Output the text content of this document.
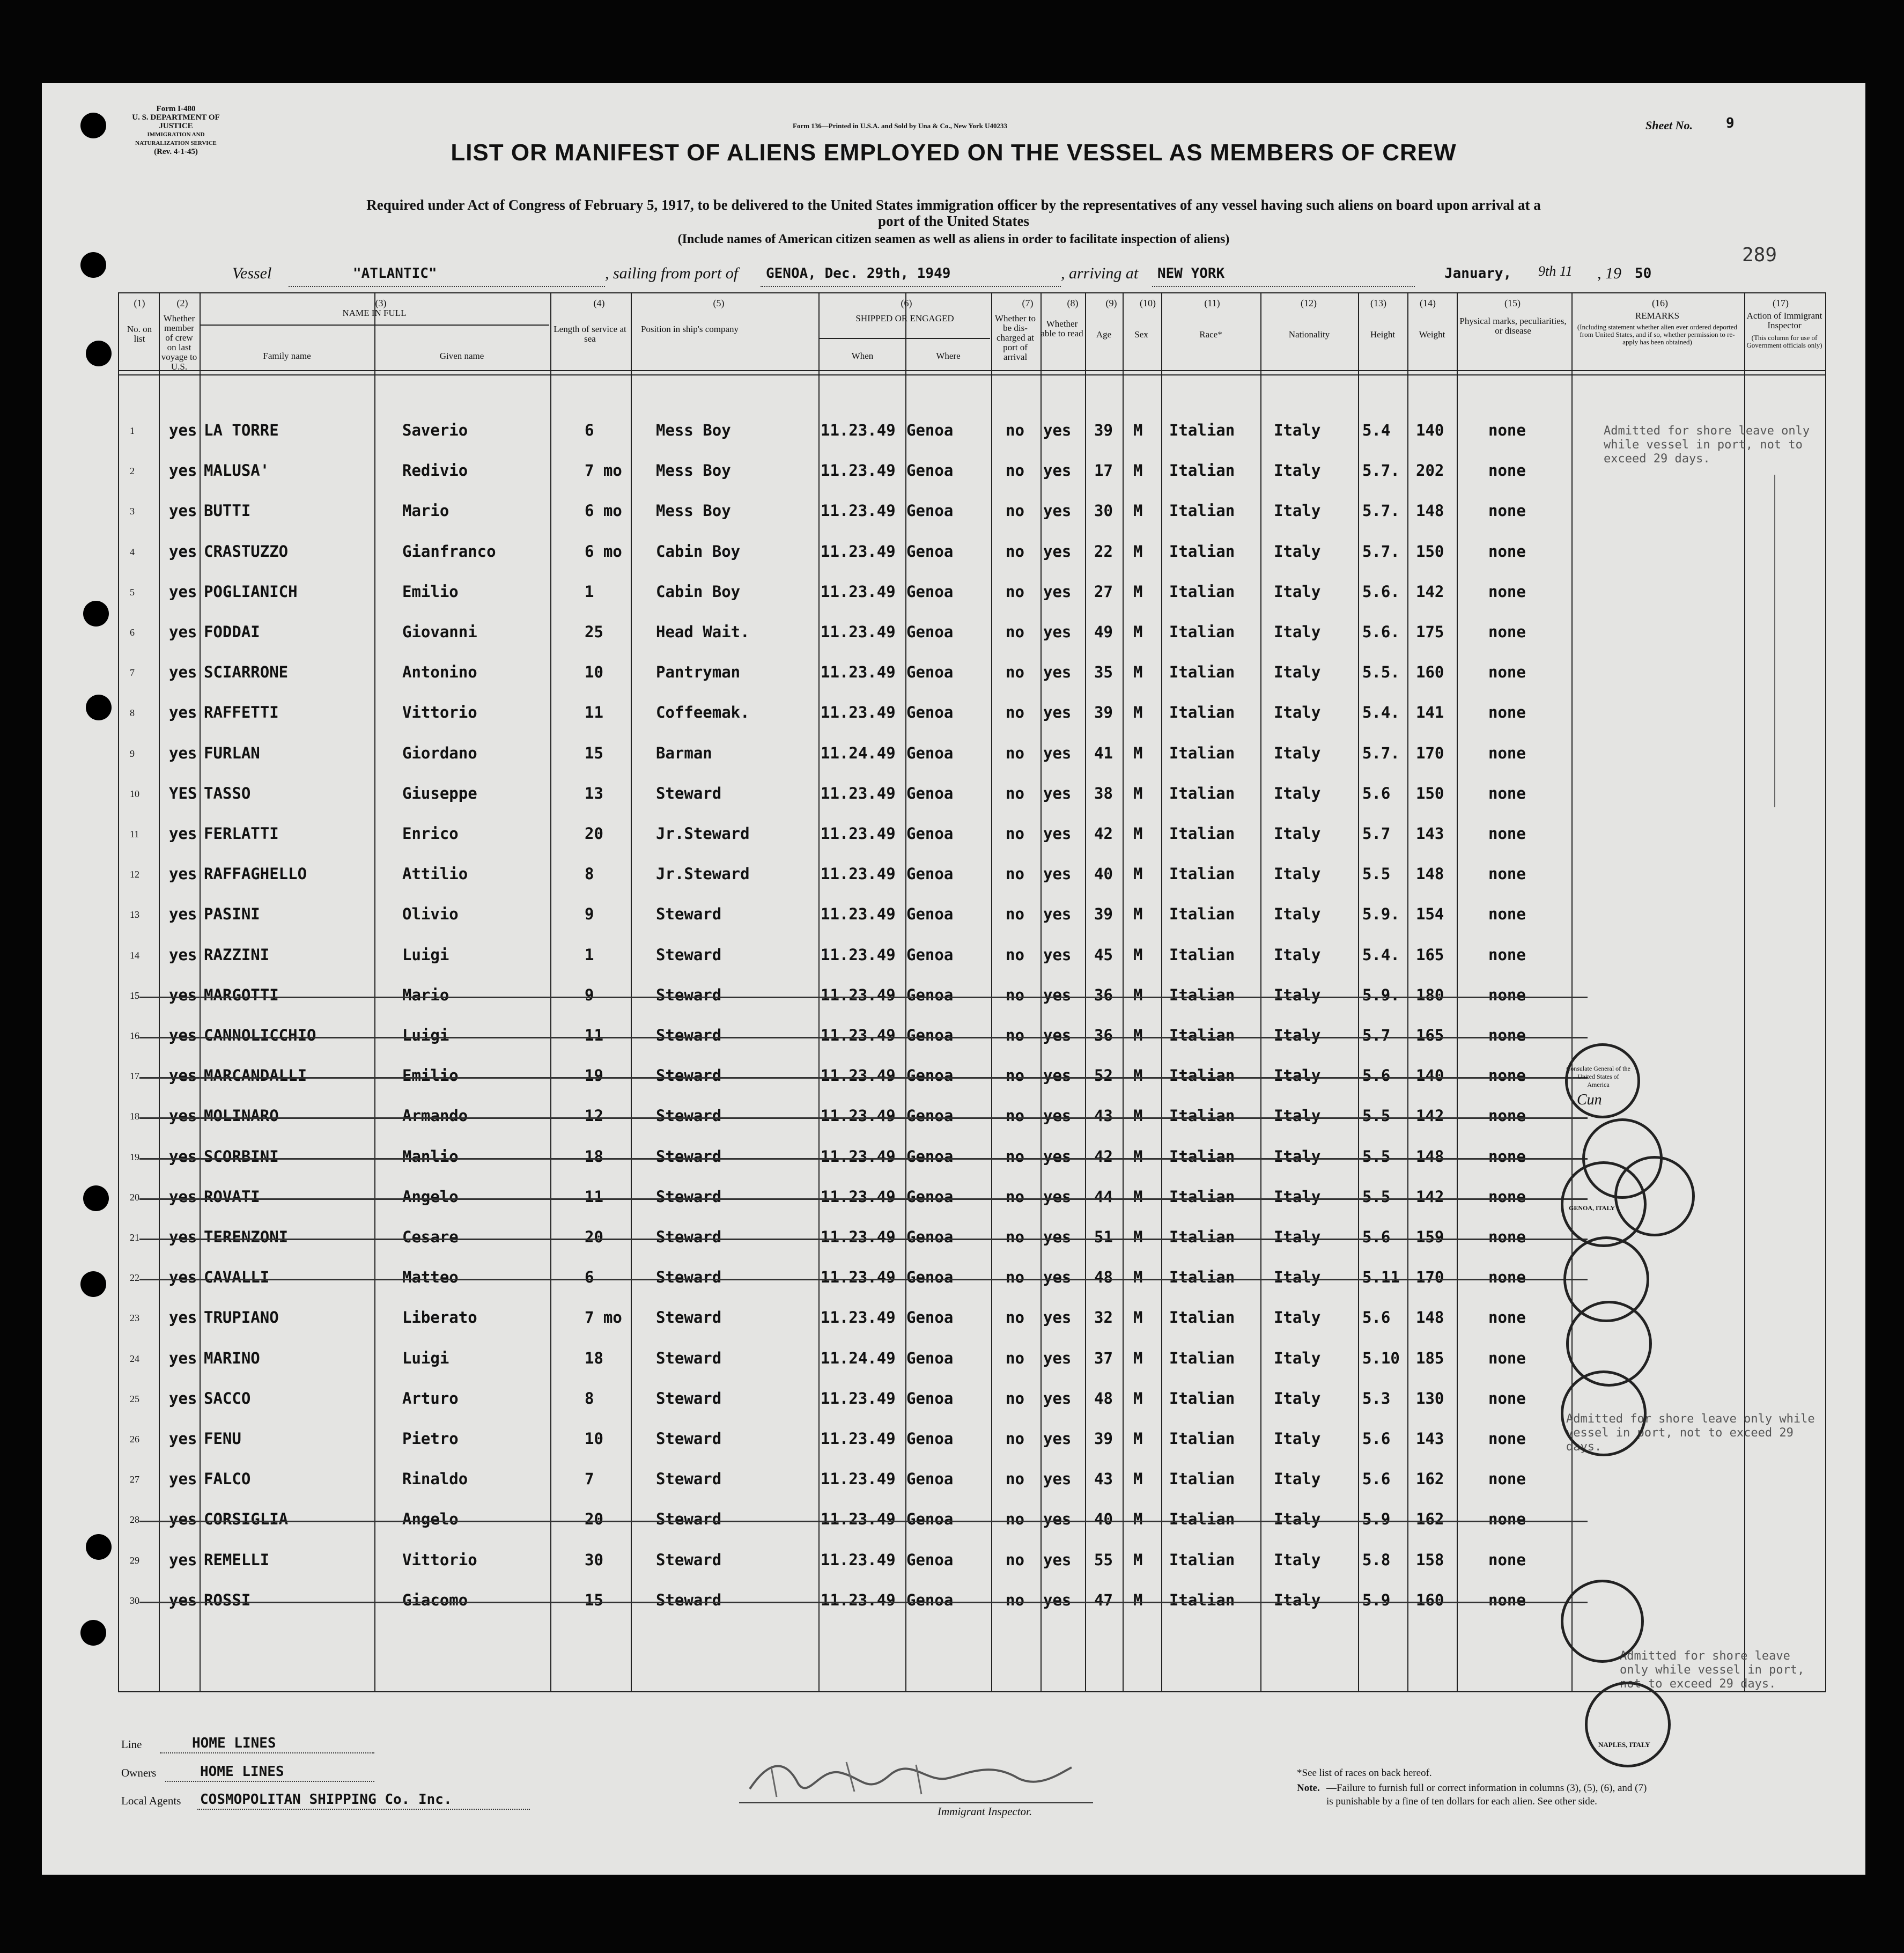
Form I-480
U. S. DEPARTMENT OF JUSTICE
IMMIGRATION AND NATURALIZATION SERVICE
(Rev. 4-1-45)
Form 136—Printed in U.S.A. and Sold by Una & Co., New York U40233	Sheet No. 9
LIST OR MANIFEST OF ALIENS EMPLOYED ON THE VESSEL AS MEMBERS OF CREW
Required under Act of Congress of February 5, 1917, to be delivered to the United States immigration officer by the representatives of any vessel having such aliens on board upon arrival at a
port of the United States
(Include names of American citizen seamen as well as aliens in order to facilitate inspection of aliens)
289
Vessel	"ATLANTIC"	, sailing from port of GENOA, Dec. 29th, 1949	, arriving at NEW YORK	January, 9th 11 , 19 50
(1)	(2)	(3)	(4)	(5)	(6)	(7)	(8)	(9)	(10)	(11)	(12)	(13)	(14)	(15)	(16)	(17)
No. on list
Whether member of crew on last voyage to U.S.
NAME IN FULL
Family name	Given name
Length of service at sea
Position in ship's company
SHIPPED OR ENGAGED
When	Where
Whether to be dis-charged at port of arrival
Whether able to read	Age	Sex	Race*	Nationality	Height	Weight
Physical marks, peculiarities, or disease
REMARKS
(Including statement whether alien ever ordered deported from United States, and if so, whether permission to re-apply has been obtained)
Action of Immigrant Inspector
(This column for use of Government officials only)
1 yes LA TORRE	Saverio	6	Mess Boy	11.23.49 Genoa	no yes 39 M Italian	Italy	5.4 140	none
2 yes MALUSA'	Redivio	7 mo Mess Boy	11.23.49 Genoa	no yes 17 M Italian	Italy	5.7. 202	none
3 yes BUTTI	Mario	6 mo Mess Boy	11.23.49 Genoa	no yes 30 M Italian	Italy	5.7. 148	none
4 yes CRASTUZZO	Gianfranco	6 mo Cabin Boy	11.23.49 Genoa	no yes 22 M Italian	Italy	5.7. 150	none
5 yes POGLIANICH	Emilio	1	Cabin Boy	11.23.49 Genoa	no yes 27 M Italian	Italy	5.6. 142	none
6 yes FODDAI	Giovanni	25	Head Wait.	11.23.49 Genoa	no yes 49 M Italian	Italy	5.6. 175	none
7 yes SCIARRONE	Antonino	10	Pantryman	11.23.49 Genoa	no yes 35 M Italian	Italy	5.5. 160	none
8 yes RAFFETTI	Vittorio	11	Coffeemak.	11.23.49 Genoa	no yes 39 M Italian	Italy	5.4. 141	none
9 yes FURLAN	Giordano	15	Barman	11.24.49 Genoa	no yes 41 M Italian	Italy	5.7. 170	none
10 YES TASSO	Giuseppe	13	Steward	11.23.49 Genoa	no yes 38 M Italian	Italy	5.6 150	none
11 yes FERLATTI	Enrico	20	Jr.Steward	11.23.49 Genoa	no yes 42 M Italian	Italy	5.7 143	none
12 yes RAFFAGHELLO	Attilio	8	Jr.Steward	11.23.49 Genoa	no yes 40 M Italian	Italy	5.5 148	none
13 yes PASINI	Olivio	9	Steward	11.23.49 Genoa	no yes 39 M Italian	Italy	5.9. 154	none
14 yes RAZZINI	Luigi	1	Steward	11.23.49 Genoa	no yes 45 M Italian	Italy	5.4. 165	none
15 yes MARGOTTI	Mario	9	Steward	11.23.49 Genoa	no yes 36 M Italian	Italy	5.9. 180	none
16 yes CANNOLICCHIO	Luigi	11	Steward	11.23.49 Genoa	no yes 36 M Italian	Italy	5.7 165	none
17 yes MARCANDALLI	Emilio	19	Steward	11.23.49 Genoa	no yes 52 M Italian	Italy	5.6 140	none
18 yes MOLINARO	Armando	12	Steward	11.23.49 Genoa	no yes 43 M Italian	Italy	5.5 142	none
19 yes SCORBINI	Manlio	18	Steward	11.23.49 Genoa	no yes 42 M Italian	Italy	5.5 148	none
20 yes ROVATI	Angelo	11	Steward	11.23.49 Genoa	no yes 44 M Italian	Italy	5.5 142	none
21 yes TERENZONI	Cesare	20	Steward	11.23.49 Genoa	no yes 51 M Italian	Italy	5.6 159	none
22 yes CAVALLI	Matteo	6	Steward	11.23.49 Genoa	no yes 48 M Italian	Italy	5.11 170	none
23 yes TRUPIANO	Liberato	7 mo Steward	11.23.49 Genoa	no yes 32 M Italian	Italy	5.6 148	none
24 yes MARINO	Luigi	18	Steward	11.24.49 Genoa	no yes 37 M Italian	Italy	5.10 185	none
25 yes SACCO	Arturo	8	Steward	11.23.49 Genoa	no yes 48 M Italian	Italy	5.3 130	none
26 yes FENU	Pietro	10	Steward	11.23.49 Genoa	no yes 39 M Italian	Italy	5.6 143	none
27 yes FALCO	Rinaldo	7	Steward	11.23.49 Genoa	no yes 43 M Italian	Italy	5.6 162	none
28 yes CORSIGLIA	Angelo	20	Steward	11.23.49 Genoa	no yes 40 M Italian	Italy	5.9 162	none
29 yes REMELLI	Vittorio	30	Steward	11.23.49 Genoa	no yes 55 M Italian	Italy	5.8 158	none
30 yes ROSSI	Giacomo	15	Steward	11.23.49 Genoa	no yes 47 M Italian	Italy	5.9 160	none
Admitted for shore leave only while vessel in port, not to exceed 29 days.
Admitted for shore leave only while vessel in port, not to exceed 29 days.
Admitted for shore leave only while vessel in port, not to exceed 29 days.
Consulate General of the United States of America
Cun
GENOA, ITALY
NAPLES, ITALY
Line	HOME LINES
Owners	HOME LINES
Local Agents COSMOPOLITAN SHIPPING Co. Inc.
Immigrant Inspector.
*See list of races on back hereof.
Note. —Failure to furnish full or correct information in columns (3), (5), (6), and (7)
is punishable by a fine of ten dollars for each alien. See other side.
